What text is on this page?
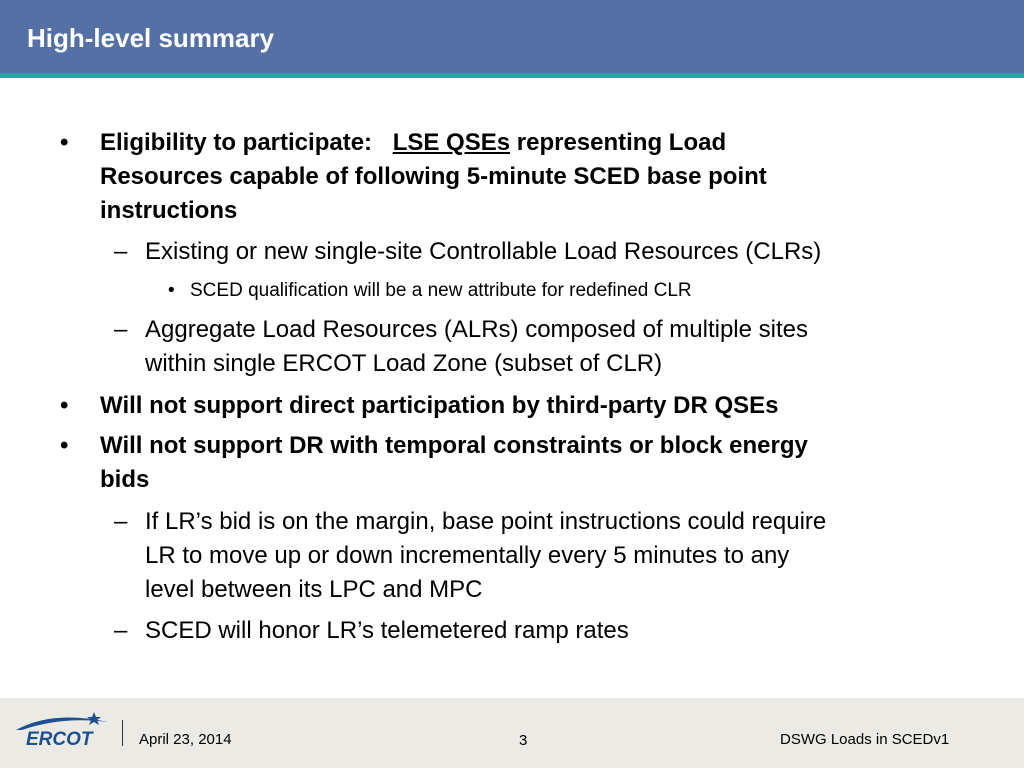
High-level summary
• Eligibility to participate: LSE QSEs representing Load
Resources capable of following 5-minute SCED base point
instructions
– Existing or new single-site Controllable Load Resources (CLRs)
• SCED qualification will be a new attribute for redefined CLR
– Aggregate Load Resources (ALRs) composed of multiple sites
within single ERCOT Load Zone (subset of CLR)
• Will not support direct participation by third-party DR QSEs
• Will not support DR with temporal constraints or block energy
bids
– If LR’s bid is on the margin, base point instructions could require
LR to move up or down incrementally every 5 minutes to any
level between its LPC and MPC
– SCED will honor LR’s telemetered ramp rates
ERCOT	April 23, 2014	3	DSWG Loads in SCEDv1
